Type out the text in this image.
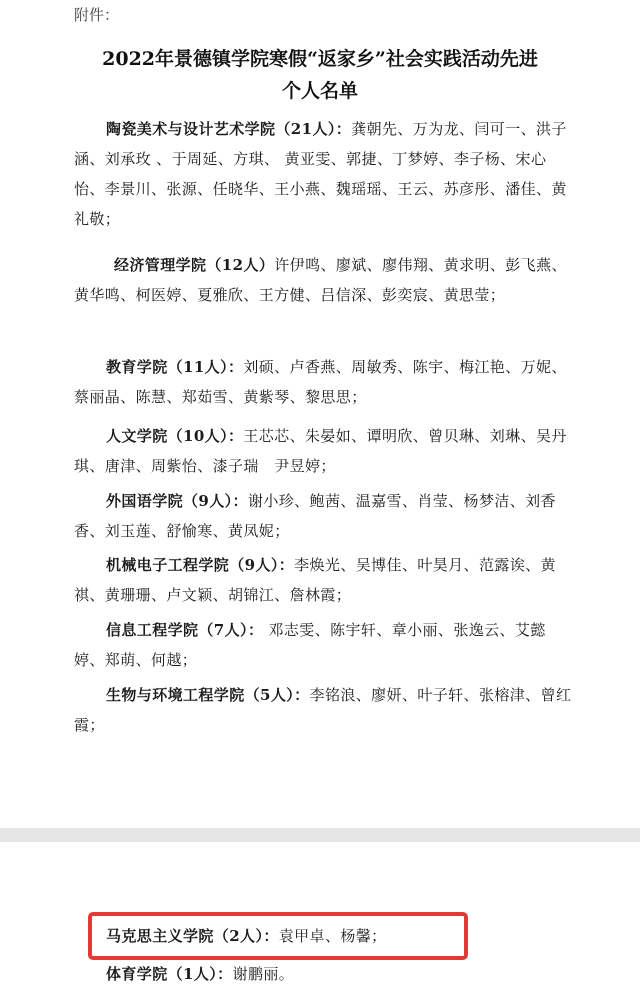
附件：
2022年景德镇学院寒假“返家乡”社会实践活动先进
个人名单
陶瓷美术与设计艺术学院（21人）：龚朝先、万为龙、闫可一、洪子涵、刘承玫 、于周延、方琪、 黄亚雯、郭捷、丁梦婷、李子杨、宋心怡、李景川、张源、任晓华、王小燕、魏瑶瑶、王云、苏彦彤、潘佳、黄礼敬；
经济管理学院（12人）许伊鸣、廖斌、廖伟翔、黄求明、彭飞燕、黄华鸣、柯医婷、夏雅欣、王方健、吕信深、彭奕宸、黄思莹；
教育学院（11人）：刘硕、卢香燕、周敏秀、陈宇、梅江艳、万妮、蔡丽晶、陈慧、郑茹雪、黄紫琴、黎思思；
人文学院（10人）：王芯芯、朱晏如、谭明欣、曾贝琳、刘琳、吴丹琪、唐津、周紫怡、漆子瑞　尹昱婷；
外国语学院（9人）：谢小珍、鲍茜、温嘉雪、肖莹、杨梦洁、刘香香、刘玉莲、舒愉寒、黄凤妮；
机械电子工程学院（9人）：李焕光、吴博佳、叶昊月、范露诶、黄祺、黄珊珊、卢文颖、胡锦江、詹林霞；
信息工程学院（7人）： 邓志雯、陈宇轩、章小丽、张逸云、艾懿婷、郑萌、何越；
生物与环境工程学院（5人）：李铭浪、廖妍、叶子轩、张榕津、曾红霞；
马克思主义学院（2人）：袁甲卓、杨馨；
体育学院（1人）：谢鹏丽。
